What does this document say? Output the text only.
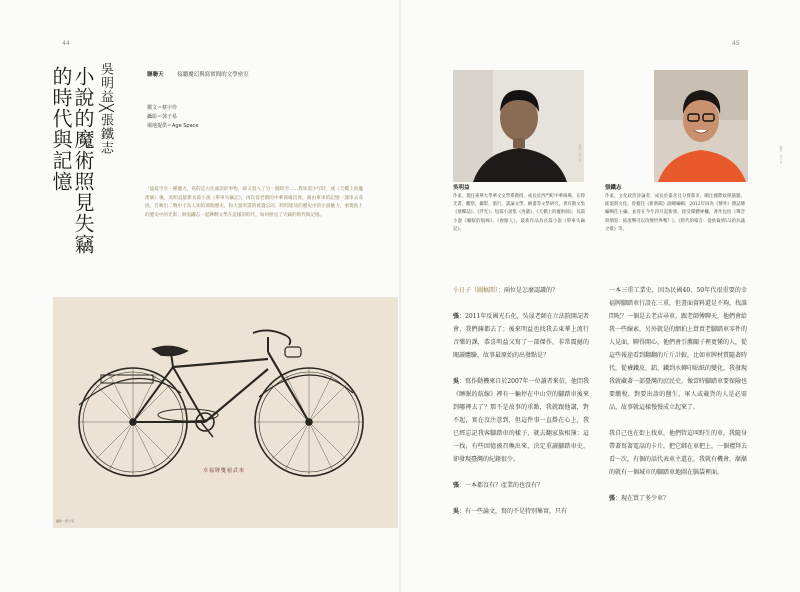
44
小說的魔術照見失竊的時代與記憶	吳明益╳張鐵志	聯聯天	接聽魔幻與寫實間的文學密室
撰文＝蔡宇伶
攝影＝郭子易
場地提供＝Age Space
「盛夏空有一種魔力，寫的是古往歲語的事物，卻又置入了另一個時空……我知道少年時，或《天橋上的魔術師》後，吳明益最新長篇小說《單車失竊記》，再次從老舊的中華商場出發，藉由單車的記憶一連串去尋找，召喚出二戰中不為人知的那個歷史，和大量所謂的被遺忘的、時間迷途的歷史中的小說魅力，重現島上的歷史中的光影；與張鐵志一起聊聊文學在這樣的時代，如何照見了失竊的時代與記憶。
幸福牌雙槓武車
攝影＝郭子易
45
攝影＝郭子易	攝影＝郭子易
吳明益
作家，現任東華大學華文文學系教授，成長於西門町中華商場，在時光書、觀察，攝影，旅行，談論文學，繪畫等文學研究，著有散文集《迷蝶誌》、《浮光》；短篇小說集《虎爺》、《天橋上的魔術師》；長篇小說《睡眠的航線》、《複眼人》，最新作品為長篇小說《單車失竊記》。
張鐵志
作家，文化政治評論者，成長於臺北且分發都市，關注國際政經議題、搖滾與文化。曾擔任《新新聞》副總編輯，2012年回為《號外》雜誌總編輯任主編，並曾在今年四月起新發，接受媒體專欄，著作包括《聲音與憤怒：搖滾樂可以改變世界嗎？》、《時代的噪音：從狄倫到U2的抗議之歌》等。

小日子（圖稿間）：兩位是怎麼認識的？

張：2011年反國光石化，吳晟老師在立法院開記者會，我們倆都去了；後來明益也找我去東華上流行音樂的課，恭喜明益又寫了一部傑作，非常震撼的閱讀體驗，故事最原始的出發點是？

吳：寫作動機來自於2007年一位讀者來信，他問我《睡眠的航線》裡有一輛停在中山堂的腳踏車後來到哪裡去了？那不是故事的重點，我就跟他講，對不起，實在沒注意到，但這件事一直掛在心上，我已經忘記我客腳踏車的樣子，就去翻家族相簿；這一找，有些回憶被召喚出來，決定重讀腳踏車史，卻發現臺灣的紀錄很少。

張：一本都沒有？產業的也沒有？

吳：有一些論文，寫的不是特別集實，只有

一本三重工業史，因為民國40、50年代很重要的幸福牌腳踏車行設在三重，但書面資料還是不夠，找誰問呢？一個是去老店尋車，跟老師傅聊天，他們會給我一些線索，另外就是的網拍上買賣老腳踏車零件的人見面，聊得開心，他們會引薦關子裡更懂的人，從這些報途看到翻翻的斤斤計較，比如車牌材質隨著時代，從襪鐵皮，鋁，鐵到水轉印貼紙的變化，我發現我就藏著一部臺灣的庶民史。像當時腳踏車要保險也要繳稅，對要出診的醫生、軍人或載貨的人是必需品，故事就這樣慢慢成立起來了。

我自己也在街上找車，他們管這叫野生的車，我隨身帶著寫著電話的卡片，把它綁在車把上，一個禮拜去看一次，有個的話代表車主還在，我就有機會，漸漸的就有一個城市的腳踏車地圖在腦袋裡面。

張：現在買了多少車？
